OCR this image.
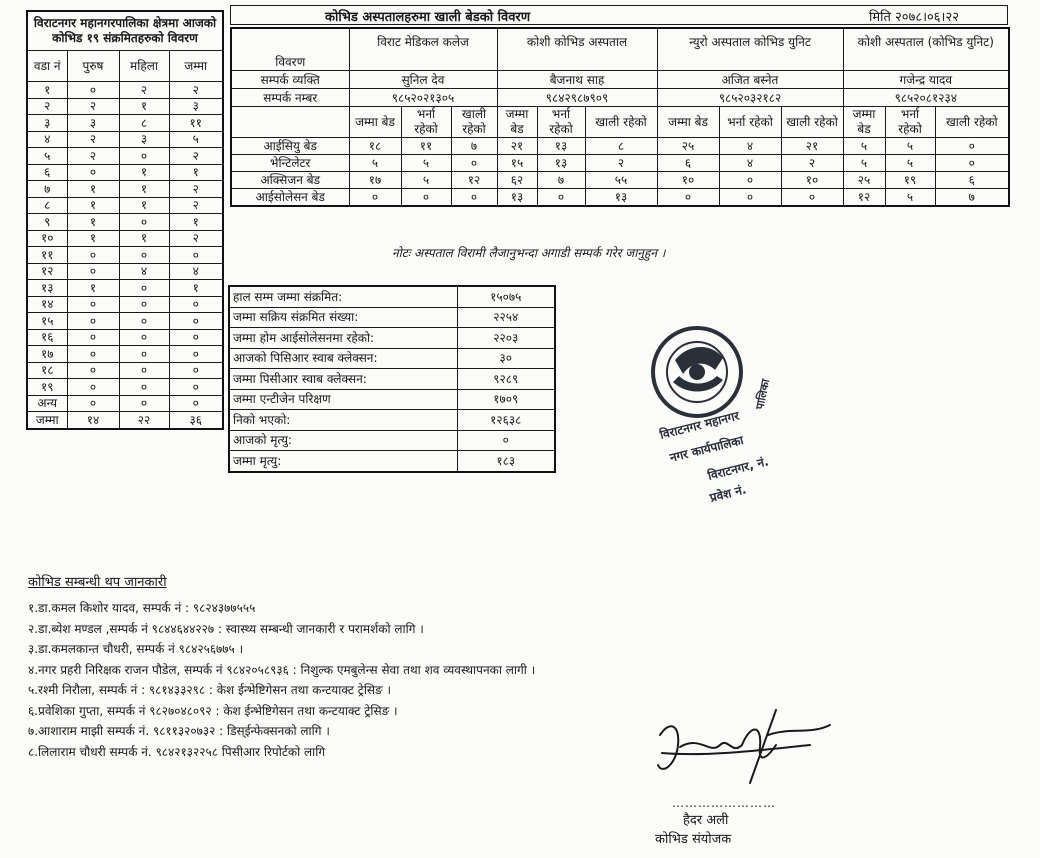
विराटनगर महानगरपालिका क्षेत्रमा आजको कोभिड १९ संक्रमितहरुको विवरण			
वडा नं	पुरुष	महिला	जम्मा
१	०	२	२
२	२	१	३
३	३	८	११
४	२	३	५
५	२	०	२
६	०	१	१
७	१	१	२
८	१	१	२
९	१	०	१
१०	१	१	२
११	०	०	०
१२	०	४	४
१३	१	०	१
१४	०	०	०
१५	०	०	०
१६	०	०	०
१७	०	०	०
१८	०	०	०
१९	०	०	०
अन्य	०	०	०
जम्मा	१४	२२	३६
कोभिड अस्पतालहरुमा खाली बेडको विवरण	मिति २०७८।०६।२२
विवरण	विराट मेडिकल कलेज			कोशी कोभिड अस्पताल			न्युरो अस्पताल कोभिड युनिट			कोशी अस्पताल (कोभिड युनिट)		
सम्पर्क व्यक्ति	सुनिल देव			बैजनाथ साह			अजित बस्नेत			गजेन्द्र यादव		
सम्पर्क नम्बर	९८५२०२१३०५			९८४२९८७९०९			९८५२०३२१८२			९८५२०८१२३४		
	जम्मा बेड	भर्ना रहेको	खाली रहेको	जम्मा बेड	भर्ना रहेको	खाली रहेको	जम्मा बेड	भर्ना रहेको	खाली रहेको	जम्मा बेड	भर्ना रहेको	खाली रहेको
आईसियु बेड	१८	११	७	२१	१३	८	२५	४	२१	५	५	०
भेन्टिलेटर	५	५	०	१५	१३	२	६	४	२	५	५	०
अक्सिजन बेड	१७	५	१२	६२	७	५५	१०	०	१०	२५	१९	६
आईसोलेसन बेड	०	०	०	१३	०	१३	०	०	०	१२	५	७
नोटः अस्पताल विरामी लैजानुभन्दा अगाडी सम्पर्क गरेर जानुहुन ।
हाल सम्म जम्मा संक्रमित:	१५०७५
जम्मा सक्रिय संक्रमित संख्या:	२२५४
जम्मा होम आईसोलेसनमा रहेको:	२२०३
आजको पिसिआर स्वाब क्लेक्सन:	३०
जम्मा पिसीआर स्वाब क्लेक्सन:	९२८९
जम्मा एन्टीजेन परिक्षण	१७०९
निको भएको:	१२६३८
आजको मृत्यु:	०
जम्मा मृत्यु:	१८३
विराटनगर महानगर
पालिका
नगर कार्यपालिका
विराटनगर, नं.
प्रवेश नं.
कोभिड सम्बन्धी थप जानकारी
१.डा.कमल किशोर यादव, सम्पर्क नं : ९८२४३७७५५५
२.डा.ब्येश मण्डल ,सम्पर्क नं ९८४४६४४२२७ : स्वास्थ्य सम्बन्धी जानकारी र परामर्शको लागि ।
३.डा.कमलकान्त चौधरी, सम्पर्क नं ९८४२५६७७५ ।
४.नगर प्रहरी निरिक्षक राजन पौडेल, सम्पर्क नं ९८४२०५८९३६ : निशुल्क एमबुलेन्स सेवा तथा शव व्यवस्थापनका लागी ।
५.रश्मी निरौला, सम्पर्क नं : ९८१४३३२९८ : केश ईन्भेष्टिगेसन तथा कन्टयाक्ट ट्रेसिङ ।
६.प्रवेशिका गुप्ता, सम्पर्क नं ९८२७०४८०९२ : केश ईन्भेष्टिगेसन तथा कन्टयाक्ट ट्रेसिङ ।
७.आशाराम माझी सम्पर्क नं. ९८११३२०७३२ : डिस्ईन्फेक्सनको लागि ।
८.लिलाराम चौधरी सम्पर्क नं. ९८४२१३२२५८ पिसीआर रिपोर्टको लागि
……………………
हैदर अली
कोभिड संयोजक
